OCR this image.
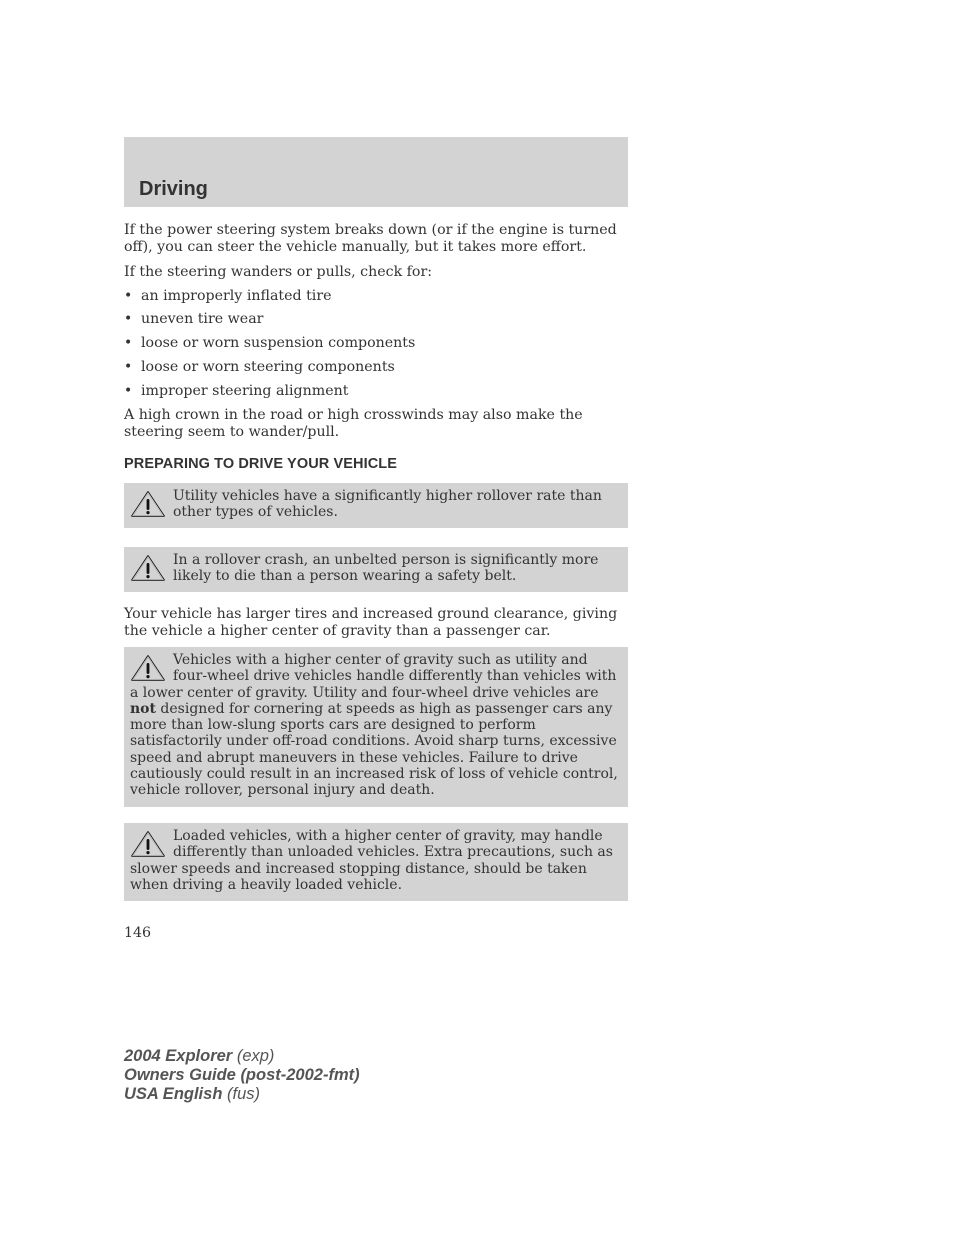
Driving

If the power steering system breaks down (or if the engine is turned off), you can steer the vehicle manually, but it takes more effort.

If the steering wanders or pulls, check for:

• an improperly inflated tire
• uneven tire wear
• loose or worn suspension components
• loose or worn steering components
• improper steering alignment

A high crown in the road or high crosswinds may also make the steering seem to wander/pull.

PREPARING TO DRIVE YOUR VEHICLE

Utility vehicles have a significantly higher rollover rate than other types of vehicles.

In a rollover crash, an unbelted person is significantly more likely to die than a person wearing a safety belt.

Your vehicle has larger tires and increased ground clearance, giving the vehicle a higher center of gravity than a passenger car.

Vehicles with a higher center of gravity such as utility and four-wheel drive vehicles handle differently than vehicles with a lower center of gravity. Utility and four-wheel drive vehicles are not designed for cornering at speeds as high as passenger cars any more than low-slung sports cars are designed to perform satisfactorily under off-road conditions. Avoid sharp turns, excessive speed and abrupt maneuvers in these vehicles. Failure to drive cautiously could result in an increased risk of loss of vehicle control, vehicle rollover, personal injury and death.

Loaded vehicles, with a higher center of gravity, may handle differently than unloaded vehicles. Extra precautions, such as slower speeds and increased stopping distance, should be taken when driving a heavily loaded vehicle.

146
2004 Explorer (exp)
Owners Guide (post-2002-fmt)
USA English (fus)
